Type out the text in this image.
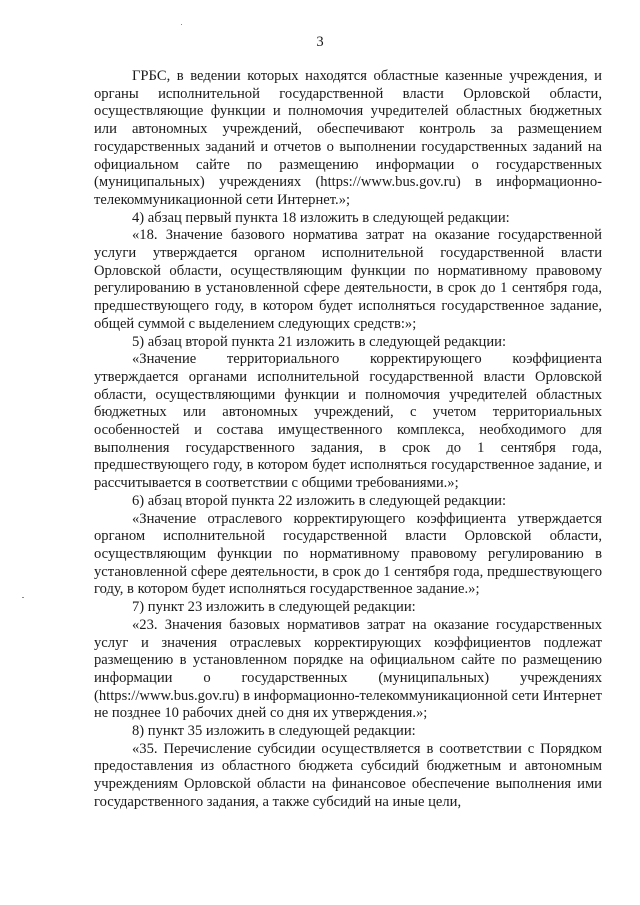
3

ГРБС, в ведении которых находятся областные казенные учреждения, и органы исполнительной государственной власти Орловской области, осуществляющие функции и полномочия учредителей областных бюджетных или автономных учреждений, обеспечивают контроль за размещением государственных заданий и отчетов о выполнении государственных заданий на официальном сайте по размещению информации о государственных (муниципальных) учреждениях (https://www.bus.gov.ru) в информационно-телекоммуникационной сети Интернет.»;

4) абзац первый пункта 18 изложить в следующей редакции:

«18. Значение базового норматива затрат на оказание государственной услуги утверждается органом исполнительной государственной власти Орловской области, осуществляющим функции по нормативному правовому регулированию в установленной сфере деятельности, в срок до 1 сентября года, предшествующего году, в котором будет исполняться государственное задание, общей суммой с выделением следующих средств:»;

5) абзац второй пункта 21 изложить в следующей редакции:

«Значение территориального корректирующего коэффициента утверждается органами исполнительной государственной власти Орловской области, осуществляющими функции и полномочия учредителей областных бюджетных или автономных учреждений, с учетом территориальных особенностей и состава имущественного комплекса, необходимого для выполнения государственного задания, в срок до 1 сентября года, предшествующего году, в котором будет исполняться государственное задание, и рассчитывается в соответствии с общими требованиями.»;

6) абзац второй пункта 22 изложить в следующей редакции:

«Значение отраслевого корректирующего коэффициента утверждается органом исполнительной государственной власти Орловской области, осуществляющим функции по нормативному правовому регулированию в установленной сфере деятельности, в срок до 1 сентября года, предшествующего году, в котором будет исполняться государственное задание.»;

7) пункт 23 изложить в следующей редакции:

«23. Значения базовых нормативов затрат на оказание государственных услуг и значения отраслевых корректирующих коэффициентов подлежат размещению в установленном порядке на официальном сайте по размещению информации о государственных (муниципальных) учреждениях (https://www.bus.gov.ru) в информационно-телекоммуникационной сети Интернет не позднее 10 рабочих дней со дня их утверждения.»;

8) пункт 35 изложить в следующей редакции:

«35. Перечисление субсидии осуществляется в соответствии с Порядком предоставления из областного бюджета субсидий бюджетным и автономным учреждениям Орловской области на финансовое обеспечение выполнения ими государственного задания, а также субсидий на иные цели,
